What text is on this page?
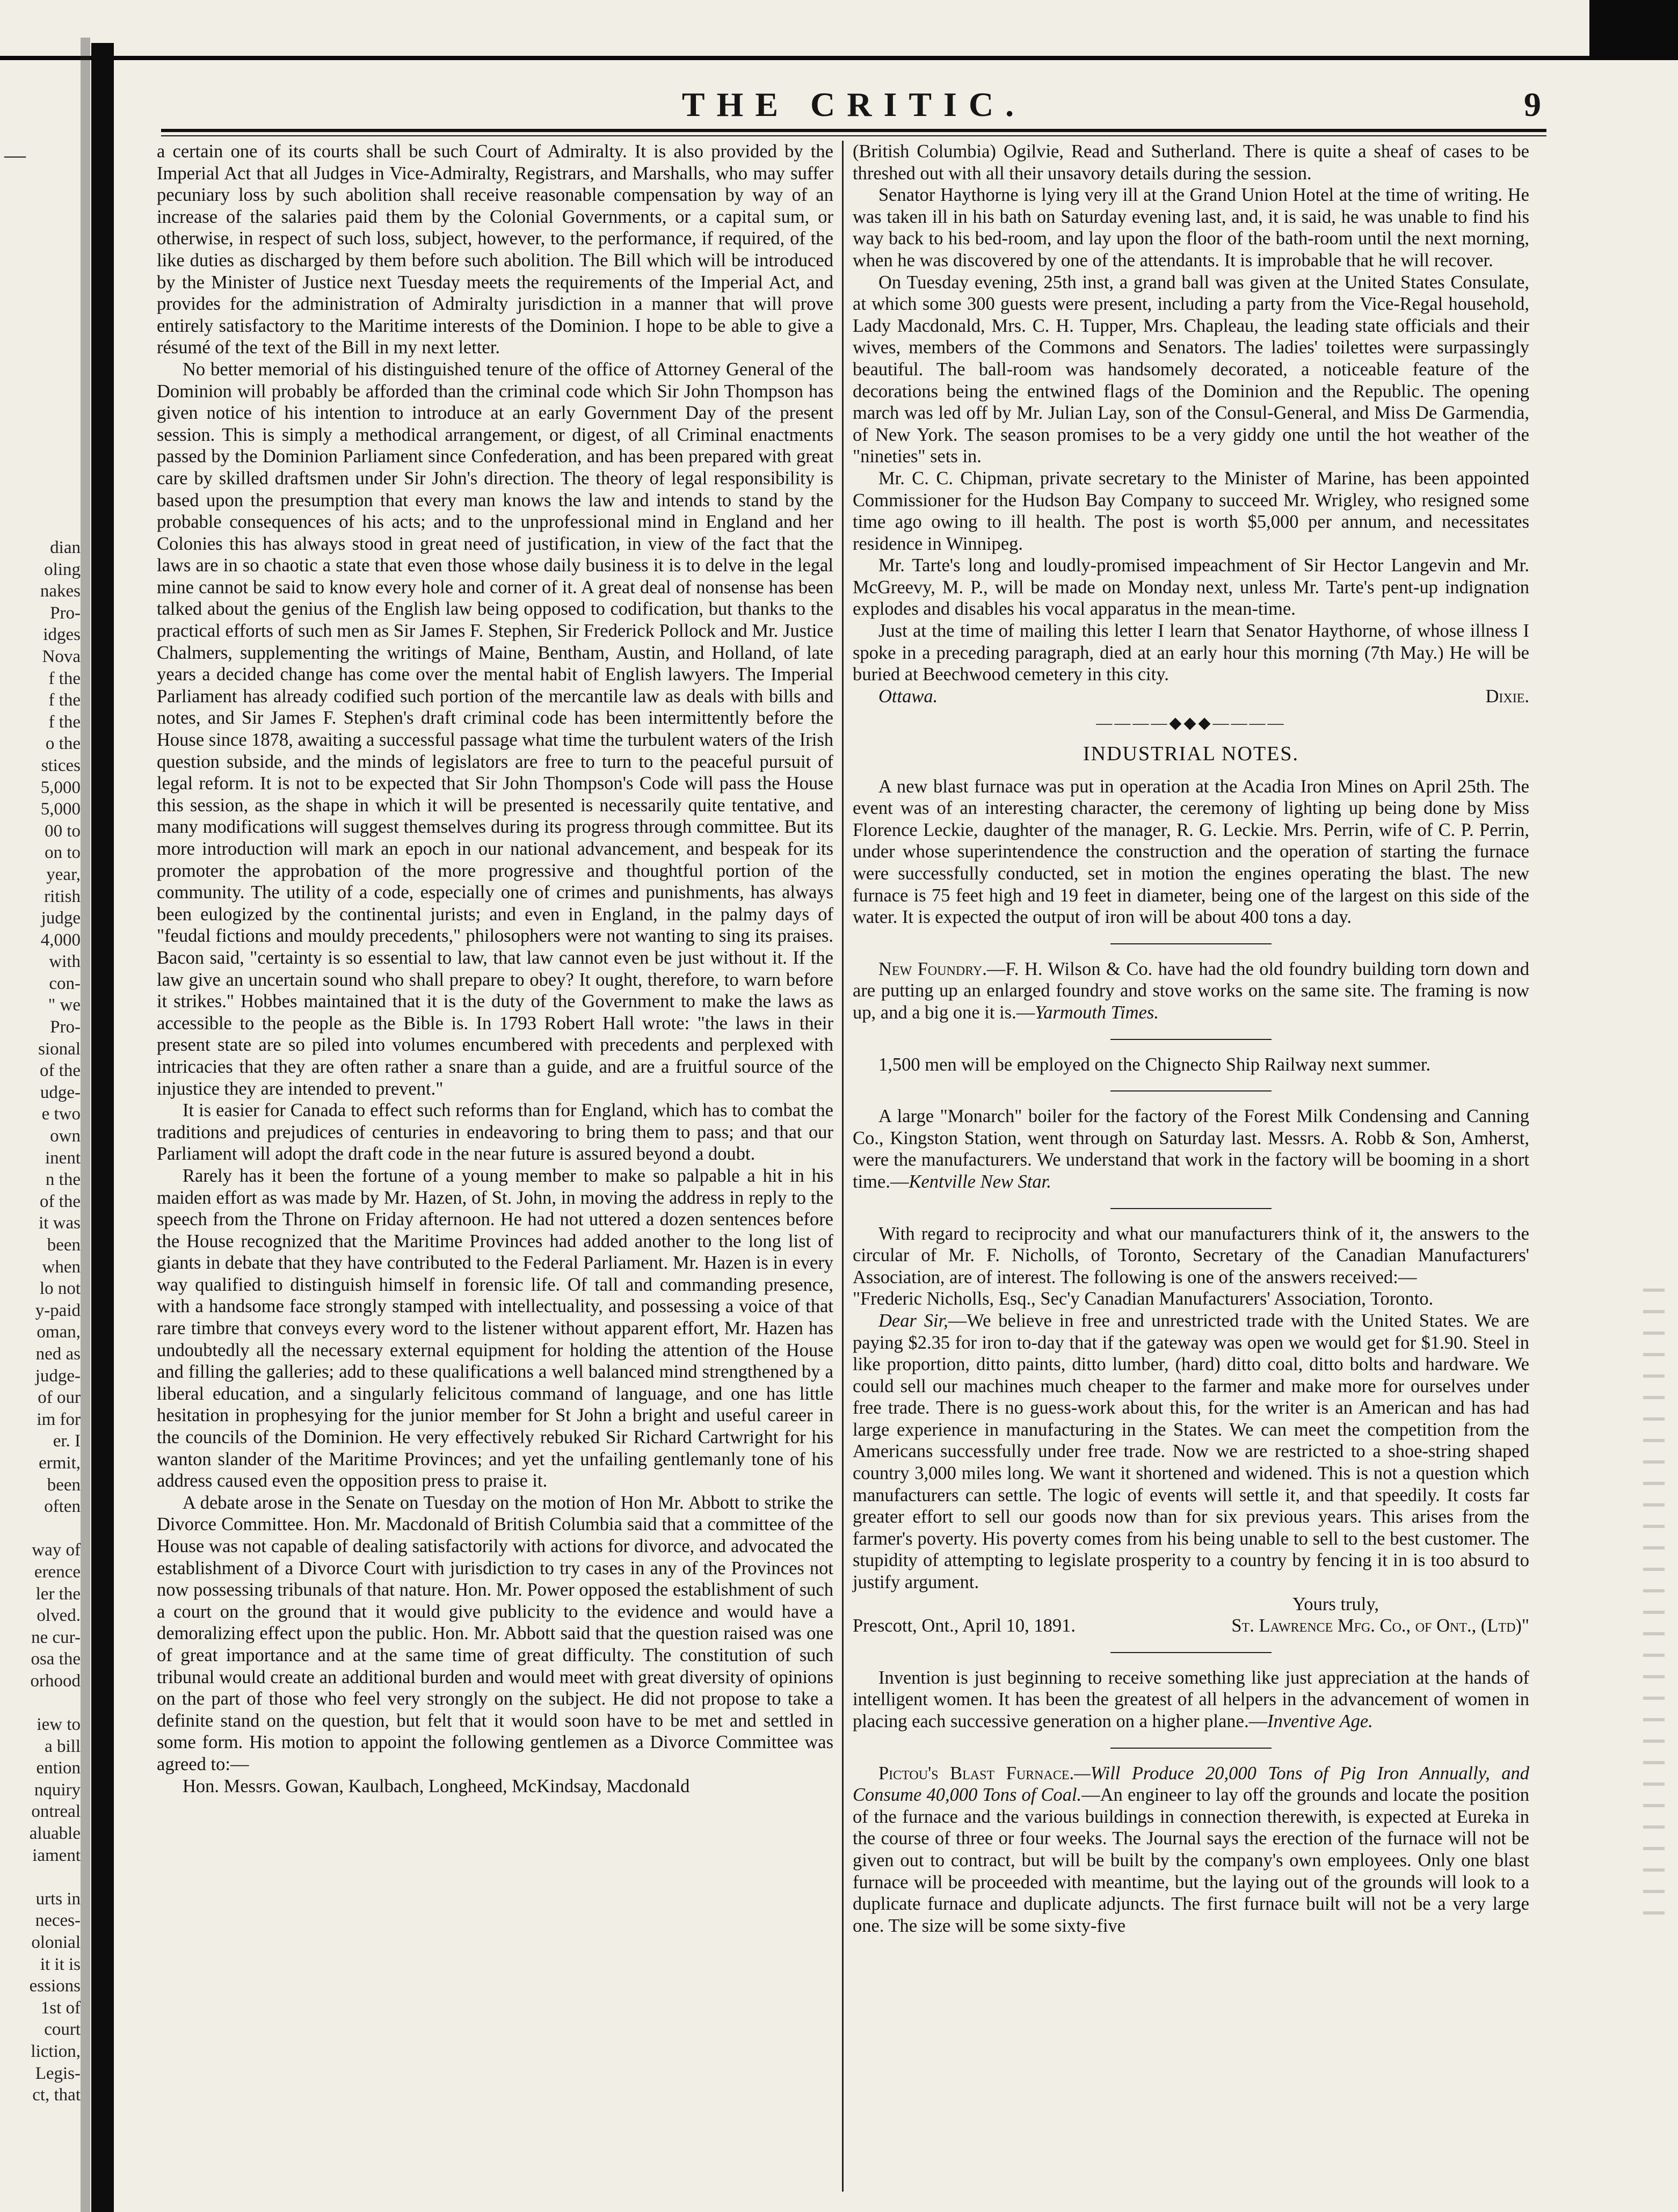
—
dian
oling
nakes
Pro-
idges
Nova
f the
f the
f the
o the
stices
5,000
5,000
00 to
on to
year,
ritish
judge
4,000
with
con-
" we
Pro-
sional
of the
udge-
e two
own
inent
n the
of the
it was
been
when
lo not
y-paid
oman,
ned as
judge-
of our
im for
er. I
ermit,
been
often

way of
erence
ler the
olved.
ne cur-
osa the
orhood

iew to
a bill
ention
nquiry
ontreal
aluable
iament

urts in
neces-
olonial
it it is
essions
1st of
court
liction,
Legis-
ct, that
THE CRITIC.	9

a certain one of its courts shall be such Court of Admiralty. It is also provided by the Imperial Act that all Judges in Vice-Admiralty, Registrars, and Marshalls, who may suffer pecuniary loss by such abolition shall receive reasonable compensation by way of an increase of the salaries paid them by the Colonial Governments, or a capital sum, or otherwise, in respect of such loss, subject, however, to the performance, if required, of the like duties as discharged by them before such abolition. The Bill which will be introduced by the Minister of Justice next Tuesday meets the requirements of the Imperial Act, and provides for the administration of Admiralty jurisdiction in a manner that will prove entirely satisfactory to the Maritime interests of the Dominion. I hope to be able to give a résumé of the text of the Bill in my next letter.

No better memorial of his distinguished tenure of the office of Attorney General of the Dominion will probably be afforded than the criminal code which Sir John Thompson has given notice of his intention to introduce at an early Government Day of the present session. This is simply a methodical arrangement, or digest, of all Criminal enactments passed by the Dominion Parliament since Confederation, and has been prepared with great care by skilled draftsmen under Sir John's direction. The theory of legal responsibility is based upon the presumption that every man knows the law and intends to stand by the probable consequences of his acts; and to the unprofessional mind in England and her Colonies this has always stood in great need of justification, in view of the fact that the laws are in so chaotic a state that even those whose daily business it is to delve in the legal mine cannot be said to know every hole and corner of it. A great deal of nonsense has been talked about the genius of the English law being opposed to codification, but thanks to the practical efforts of such men as Sir James F. Stephen, Sir Frederick Pollock and Mr. Justice Chalmers, supplementing the writings of Maine, Bentham, Austin, and Holland, of late years a decided change has come over the mental habit of English lawyers. The Imperial Parliament has already codified such portion of the mercantile law as deals with bills and notes, and Sir James F. Stephen's draft criminal code has been intermittently before the House since 1878, awaiting a successful passage what time the turbulent waters of the Irish question subside, and the minds of legislators are free to turn to the peaceful pursuit of legal reform. It is not to be expected that Sir John Thompson's Code will pass the House this session, as the shape in which it will be presented is necessarily quite tentative, and many modifications will suggest themselves during its progress through committee. But its more introduction will mark an epoch in our national advancement, and bespeak for its promoter the approbation of the more progressive and thoughtful portion of the community. The utility of a code, especially one of crimes and punishments, has always been eulogized by the continental jurists; and even in England, in the palmy days of "feudal fictions and mouldy precedents," philosophers were not wanting to sing its praises. Bacon said, "certainty is so essential to law, that law cannot even be just without it. If the law give an uncertain sound who shall prepare to obey? It ought, therefore, to warn before it strikes." Hobbes maintained that it is the duty of the Government to make the laws as accessible to the people as the Bible is. In 1793 Robert Hall wrote: "the laws in their present state are so piled into volumes encumbered with precedents and perplexed with intricacies that they are often rather a snare than a guide, and are a fruitful source of the injustice they are intended to prevent."

It is easier for Canada to effect such reforms than for England, which has to combat the traditions and prejudices of centuries in endeavoring to bring them to pass; and that our Parliament will adopt the draft code in the near future is assured beyond a doubt.

Rarely has it been the fortune of a young member to make so palpable a hit in his maiden effort as was made by Mr. Hazen, of St. John, in moving the address in reply to the speech from the Throne on Friday afternoon. He had not uttered a dozen sentences before the House recognized that the Maritime Provinces had added another to the long list of giants in debate that they have contributed to the Federal Parliament. Mr. Hazen is in every way qualified to distinguish himself in forensic life. Of tall and commanding presence, with a handsome face strongly stamped with intellectuality, and possessing a voice of that rare timbre that conveys every word to the listener without apparent effort, Mr. Hazen has undoubtedly all the necessary external equipment for holding the attention of the House and filling the galleries; add to these qualifications a well balanced mind strengthened by a liberal education, and a singularly felicitous command of language, and one has little hesitation in prophesying for the junior member for St John a bright and useful career in the councils of the Dominion. He very effectively rebuked Sir Richard Cartwright for his wanton slander of the Maritime Provinces; and yet the unfailing gentlemanly tone of his address caused even the opposition press to praise it.

A debate arose in the Senate on Tuesday on the motion of Hon Mr. Abbott to strike the Divorce Committee. Hon. Mr. Macdonald of British Columbia said that a committee of the House was not capable of dealing satisfactorily with actions for divorce, and advocated the establishment of a Divorce Court with jurisdiction to try cases in any of the Provinces not now possessing tribunals of that nature. Hon. Mr. Power opposed the establishment of such a court on the ground that it would give publicity to the evidence and would have a demoralizing effect upon the public. Hon. Mr. Abbott said that the question raised was one of great importance and at the same time of great difficulty. The constitution of such tribunal would create an additional burden and would meet with great diversity of opinions on the part of those who feel very strongly on the subject. He did not propose to take a definite stand on the question, but felt that it would soon have to be met and settled in some form. His motion to appoint the following gentlemen as a Divorce Committee was agreed to:—

Hon. Messrs. Gowan, Kaulbach, Longheed, McKindsay, Macdonald

(British Columbia) Ogilvie, Read and Sutherland. There is quite a sheaf of cases to be threshed out with all their unsavory details during the session.

Senator Haythorne is lying very ill at the Grand Union Hotel at the time of writing. He was taken ill in his bath on Saturday evening last, and, it is said, he was unable to find his way back to his bed-room, and lay upon the floor of the bath-room until the next morning, when he was discovered by one of the attendants. It is improbable that he will recover.

On Tuesday evening, 25th inst, a grand ball was given at the United States Consulate, at which some 300 guests were present, including a party from the Vice-Regal household, Lady Macdonald, Mrs. C. H. Tupper, Mrs. Chapleau, the leading state officials and their wives, members of the Commons and Senators. The ladies' toilettes were surpassingly beautiful. The ball-room was handsomely decorated, a noticeable feature of the decorations being the entwined flags of the Dominion and the Republic. The opening march was led off by Mr. Julian Lay, son of the Consul-General, and Miss De Garmendia, of New York. The season promises to be a very giddy one until the hot weather of the "nineties" sets in.

Mr. C. C. Chipman, private secretary to the Minister of Marine, has been appointed Commissioner for the Hudson Bay Company to succeed Mr. Wrigley, who resigned some time ago owing to ill health. The post is worth $5,000 per annum, and necessitates residence in Winnipeg.

Mr. Tarte's long and loudly-promised impeachment of Sir Hector Langevin and Mr. McGreevy, M. P., will be made on Monday next, unless Mr. Tarte's pent-up indignation explodes and disables his vocal apparatus in the mean-time.

Just at the time of mailing this letter I learn that Senator Haythorne, of whose illness I spoke in a preceding paragraph, died at an early hour this morning (7th May.) He will be buried at Beechwood cemetery in this city.

Ottawa.	Dixie.
————◆◆◆————
INDUSTRIAL NOTES.

A new blast furnace was put in operation at the Acadia Iron Mines on April 25th. The event was of an interesting character, the ceremony of lighting up being done by Miss Florence Leckie, daughter of the manager, R. G. Leckie. Mrs. Perrin, wife of C. P. Perrin, under whose superintendence the construction and the operation of starting the furnace were successfully conducted, set in motion the engines operating the blast. The new furnace is 75 feet high and 19 feet in diameter, being one of the largest on this side of the water. It is expected the output of iron will be about 400 tons a day.

New Foundry.—F. H. Wilson & Co. have had the old foundry building torn down and are putting up an enlarged foundry and stove works on the same site. The framing is now up, and a big one it is.—Yarmouth Times.

1,500 men will be employed on the Chignecto Ship Railway next summer.

A large "Monarch" boiler for the factory of the Forest Milk Condensing and Canning Co., Kingston Station, went through on Saturday last. Messrs. A. Robb & Son, Amherst, were the manufacturers. We understand that work in the factory will be booming in a short time.—Kentville New Star.

With regard to reciprocity and what our manufacturers think of it, the answers to the circular of Mr. F. Nicholls, of Toronto, Secretary of the Canadian Manufacturers' Association, are of interest. The following is one of the answers received:—

"Frederic Nicholls, Esq., Sec'y Canadian Manufacturers' Association, Toronto.

Dear Sir,—We believe in free and unrestricted trade with the United States. We are paying $2.35 for iron to-day that if the gateway was open we would get for $1.90. Steel in like proportion, ditto paints, ditto lumber, (hard) ditto coal, ditto bolts and hardware. We could sell our machines much cheaper to the farmer and make more for ourselves under free trade. There is no guess-work about this, for the writer is an American and has had large experience in manufacturing in the States. We can meet the competition from the Americans successfully under free trade. Now we are restricted to a shoe-string shaped country 3,000 miles long. We want it shortened and widened. This is not a question which manufacturers can settle. The logic of events will settle it, and that speedily. It costs far greater effort to sell our goods now than for six previous years. This arises from the farmer's poverty. His poverty comes from his being unable to sell to the best customer. The stupidity of attempting to legislate prosperity to a country by fencing it in is too absurd to justify argument.

Yours truly,

Prescott, Ont., April 10, 1891.	St. Lawrence Mfg. Co., of Ont., (Ltd)"

Invention is just beginning to receive something like just appreciation at the hands of intelligent women. It has been the greatest of all helpers in the advancement of women in placing each successive generation on a higher plane.—Inventive Age.

Pictou's Blast Furnace.—Will Produce 20,000 Tons of Pig Iron Annually, and Consume 40,000 Tons of Coal.—An engineer to lay off the grounds and locate the position of the furnace and the various buildings in connection therewith, is expected at Eureka in the course of three or four weeks. The Journal says the erection of the furnace will not be given out to contract, but will be built by the company's own employees. Only one blast furnace will be proceeded with meantime, but the laying out of the grounds will look to a duplicate furnace and duplicate adjuncts. The first furnace built will not be a very large one. The size will be some sixty-five
